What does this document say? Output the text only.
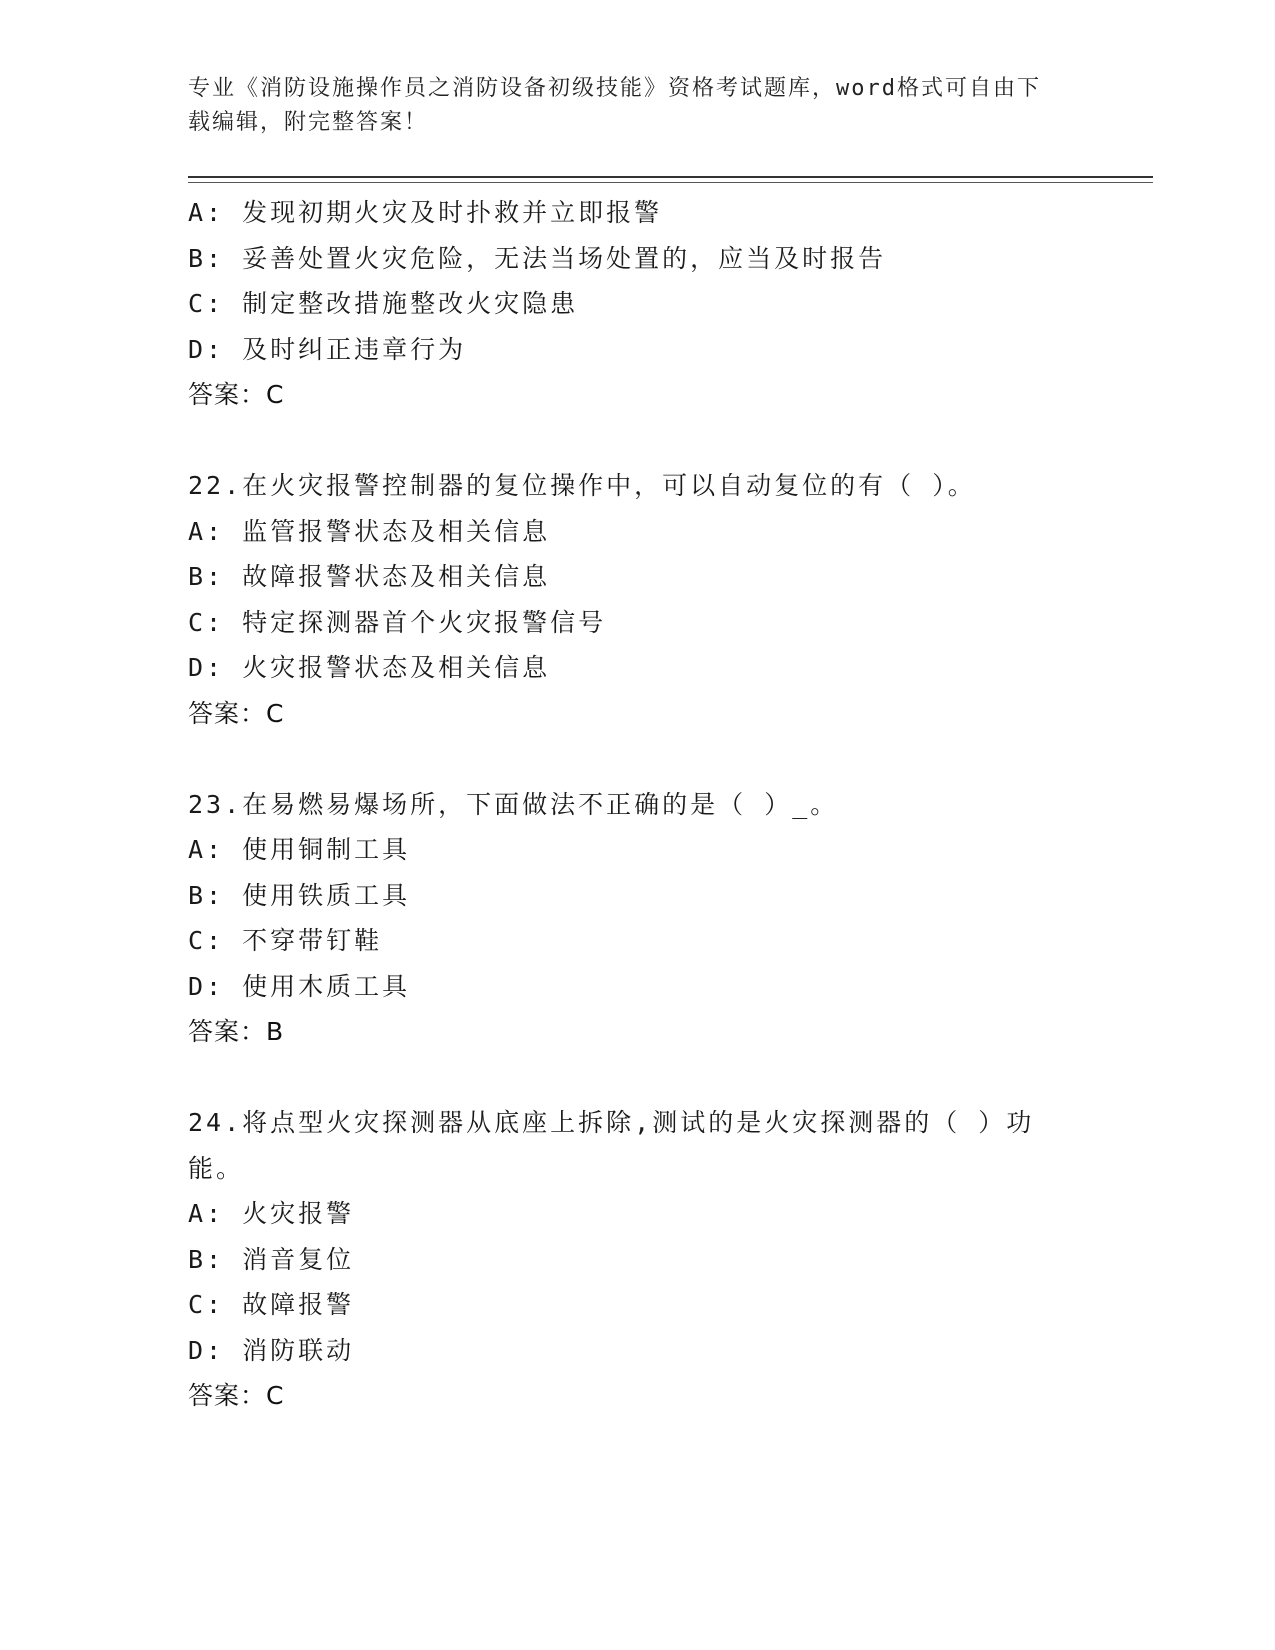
专业《消防设施操作员之消防设备初级技能》资格考试题库，word格式可自由下
载编辑，附完整答案！
A: 发现初期火灾及时扑救并立即报警
B: 妥善处置火灾危险，无法当场处置的，应当及时报告
C: 制定整改措施整改火灾隐患
D: 及时纠正违章行为
答案：C
22.在火灾报警控制器的复位操作中，可以自动复位的有（ ）。
A: 监管报警状态及相关信息
B: 故障报警状态及相关信息
C: 特定探测器首个火灾报警信号
D: 火灾报警状态及相关信息
答案：C
23.在易燃易爆场所，下面做法不正确的是（ ）_。
A: 使用铜制工具
B: 使用铁质工具
C: 不穿带钉鞋
D: 使用木质工具
答案：B
24.将点型火灾探测器从底座上拆除,测试的是火灾探测器的（ ）功
能。
A: 火灾报警
B: 消音复位
C: 故障报警
D: 消防联动
答案：C
